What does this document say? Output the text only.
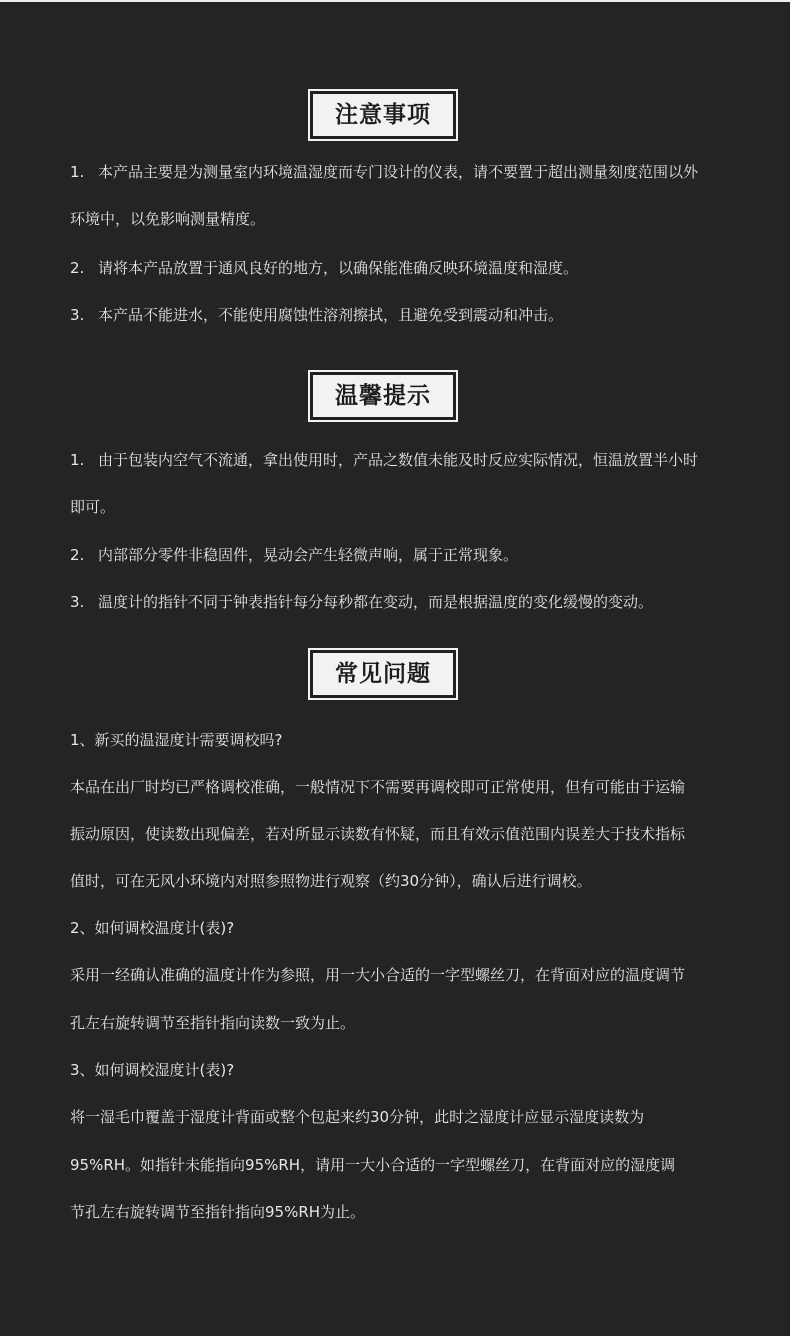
注意事项
1. 本产品主要是为测量室内环境温湿度而专门设计的仪表，请不要置于超出测量刻度范围以外
环境中，以免影响测量精度。
2. 请将本产品放置于通风良好的地方，以确保能准确反映环境温度和湿度。
3. 本产品不能进水，不能使用腐蚀性溶剂擦拭，且避免受到震动和冲击。
温馨提示
1. 由于包装内空气不流通，拿出使用时，产品之数值未能及时反应实际情况，恒温放置半小时
即可。
2. 内部部分零件非稳固件，晃动会产生轻微声响，属于正常现象。
3. 温度计的指针不同于钟表指针每分每秒都在变动，而是根据温度的变化缓慢的变动。
常见问题
1、新买的温湿度计需要调校吗?
本品在出厂时均已严格调校准确，一般情况下不需要再调校即可正常使用，但有可能由于运输
振动原因，使读数出现偏差，若对所显示读数有怀疑，而且有效示值范围内误差大于技术指标
值时，可在无风小环境内对照参照物进行观察（约30分钟），确认后进行调校。
2、如何调校温度计(表)?
采用一经确认准确的温度计作为参照，用一大小合适的一字型螺丝刀，在背面对应的温度调节
孔左右旋转调节至指针指向读数一致为止。
3、如何调校湿度计(表)?
将一湿毛巾覆盖于湿度计背面或整个包起来约30分钟，此时之湿度计应显示湿度读数为
95%RH。如指针未能指向95%RH，请用一大小合适的一字型螺丝刀，在背面对应的湿度调
节孔左右旋转调节至指针指向95%RH为止。
